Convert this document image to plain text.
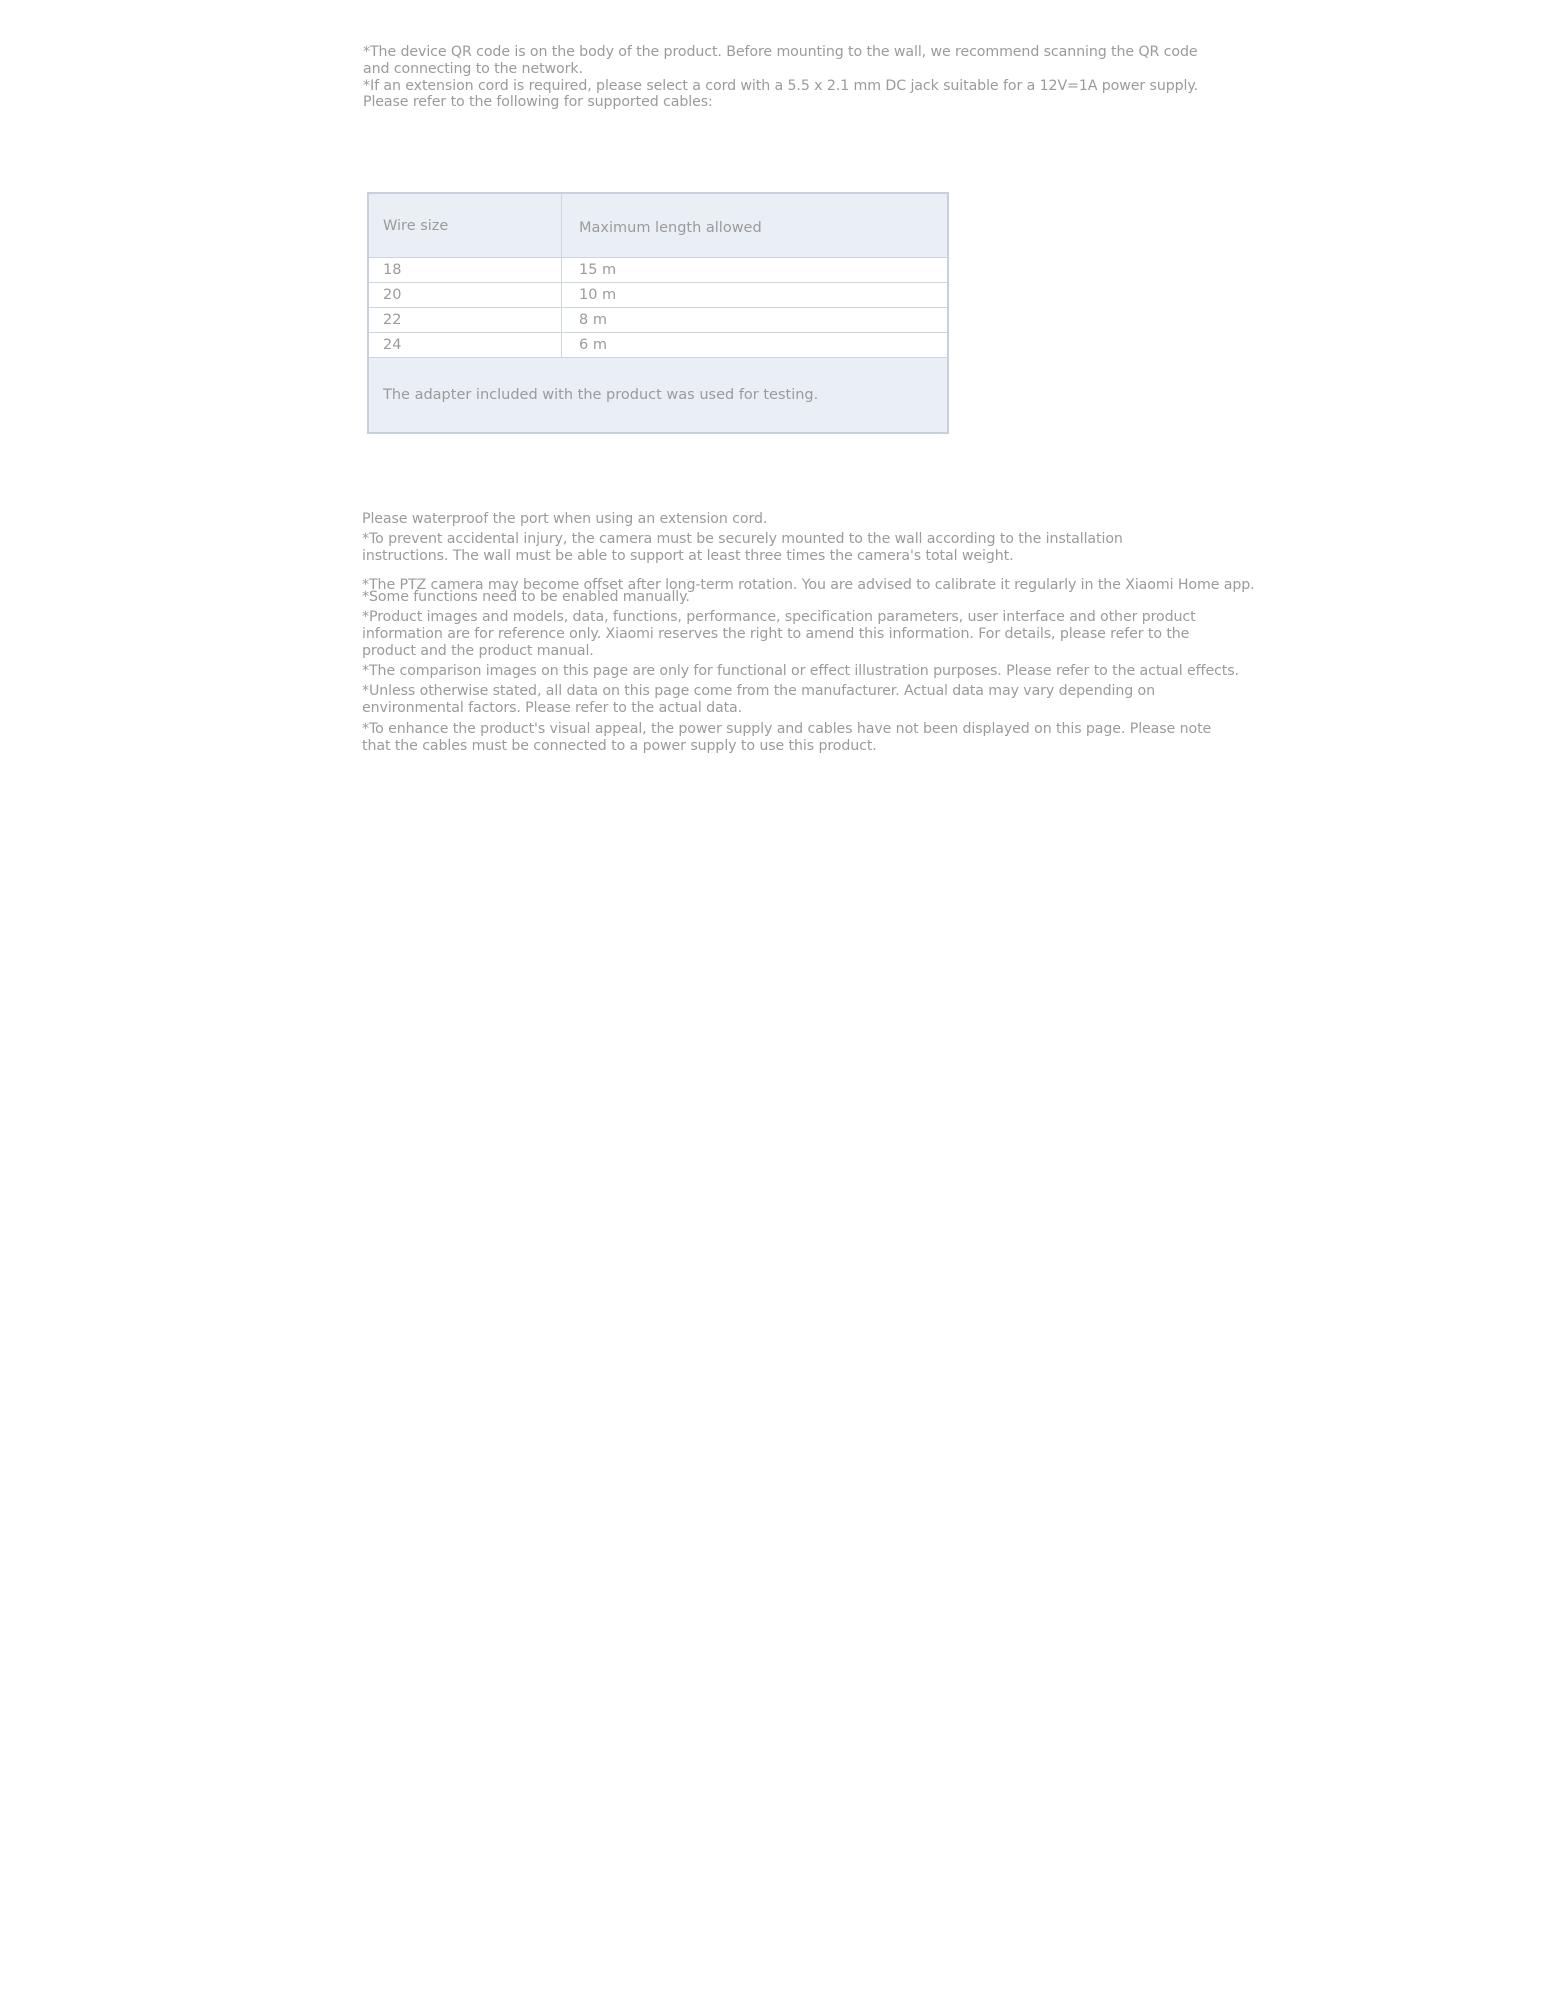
*The device QR code is on the body of the product. Before mounting to the wall, we recommend scanning the QR code

and connecting to the network.

*If an extension cord is required, please select a cord with a 5.5 x 2.1 mm DC jack suitable for a 12V=1A power supply.

Please refer to the following for supported cables:

Wire size	Maximum length allowed
18	15 m
20	10 m
22	8 m
24	6 m
The adapter included with the product was used for testing.	

Please waterproof the port when using an extension cord.

*To prevent accidental injury, the camera must be securely mounted to the wall according to the installation

instructions. The wall must be able to support at least three times the camera's total weight.

*The PTZ camera may become offset after long-term rotation. You are advised to calibrate it regularly in the Xiaomi Home app.

*Some functions need to be enabled manually.

*Product images and models, data, functions, performance, specification parameters, user interface and other product

information are for reference only. Xiaomi reserves the right to amend this information. For details, please refer to the

product and the product manual.

*The comparison images on this page are only for functional or effect illustration purposes. Please refer to the actual effects.

*Unless otherwise stated, all data on this page come from the manufacturer. Actual data may vary depending on

environmental factors. Please refer to the actual data.

*To enhance the product's visual appeal, the power supply and cables have not been displayed on this page. Please note

that the cables must be connected to a power supply to use this product.
